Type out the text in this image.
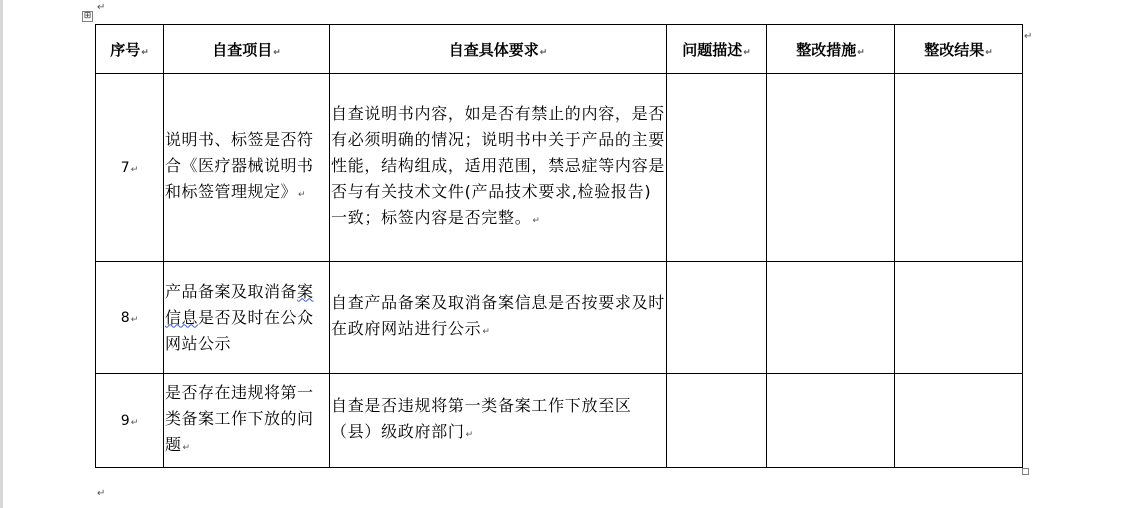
⊞
↵
↵
↵
序号↵	自查项目↵	自查具体要求↵	问题描述↵	整改措施↵	整改结果↵
7↵	说明书、标签是否符合《医疗器械说明书和标签管理规定》↵	自查说明书内容，如是否有禁止的内容，是否有必须明确的情况；说明书中关于产品的主要性能，结构组成，适用范围，禁忌症等内容是否与有关技术文件(产品技术要求,检验报告)一致；标签内容是否完整。↵			
8↵	产品备案及取消备案信息是否及时在公众网站公示	自查产品备案及取消备案信息是否按要求及时在政府网站进行公示↵			
9↵	是否存在违规将第一类备案工作下放的问题↵	自查是否违规将第一类备案工作下放至区（县）级政府部门↵			
